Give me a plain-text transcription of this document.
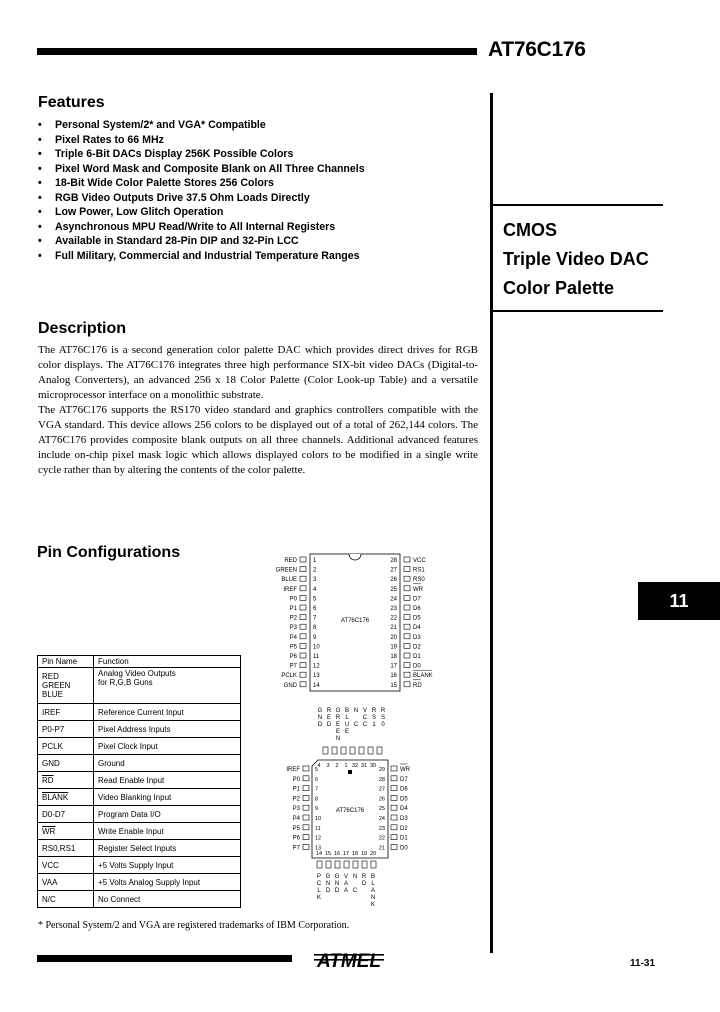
AT76C176
CMOS
Triple Video DAC
Color Palette
11
Features
• Personal System/2* and VGA* Compatible
• Pixel Rates to 66 MHz
• Triple 6-Bit DACs Display 256K Possible Colors
• Pixel Word Mask and Composite Blank on All Three Channels
• 18-Bit Wide Color Palette Stores 256 Colors
• RGB Video Outputs Drive 37.5 Ohm Loads Directly
• Low Power, Low Glitch Operation
• Asynchronous MPU Read/Write to All Internal Registers
• Available in Standard 28-Pin DIP and 32-Pin LCC
• Full Military, Commercial and Industrial Temperature Ranges
Description

The AT76C176 is a second generation color palette DAC which provides direct drives for RGB color displays. The AT76C176 integrates three high performance SIX-bit video DACs (Digital-to-Analog Converters), an advanced 256 x 18 Color Palette (Color Look-up Table) and a versatile microprocessor interface on a monolithic substrate.

The AT76C176 supports the RS170 video standard and graphics controllers compatible with the VGA standard. This device allows 256 colors to be displayed out of a total of 262,144 colors. The AT76C176 provides composite blank outputs on all three channels. Additional advanced features include on-chip pixel mask logic which allows displayed colors to be modified in a single write cycle rather than by altering the contents of the color palette.

Pin Configurations
Pin Name	Function
RED
GREEN
BLUE	Analog Video Outputs
for R,G,B Guns
IREF	Reference Current Input
P0-P7	Pixel Address Inputs
PCLK	Pixel Clock Input
GND	Ground
$\overline{RD}$	Read Enable Input
BLANK	Video Blanking Input
D0-D7	Program Data I/O
$\overline{WR}$	Write Enable Input
RS0,RS1	Register Select Inputs
VCC	+5 Volts Supply Input
VAA	+5 Volts Analog Supply Input
N/C	No Connect
AT76C176
RED	1
GREEN	2
BLUE	3
IREF	4
P0	5
P1	6
P2	7
P3	8
P4	9
P5	10
P6	11
P7	12
PCLK	13
GND	14
28	VCC
27	RS1
26	RS0
25	WR
24	D7
23	D6
22	D5
21	D4
20	D3
19	D2
18	D1
17	D0
16	BLANK
15	RD
G
N
D
R
E
D
G
R
E
E
N
B
L
U
E
N
C
V
C
C
R
S
1
R
S
0
4 3 2 1 32 31 30
AT76C176
IREF	5
P0	6
P1	7
P2	8
P3	9
P4	10
P5	11
P6	12
P7	13
29	WR
28	D7
27	D6
26	D5
25	D4
24	D3
23	D2
22	D1
21	D0
14 15 16 17 18 19 20
P
C
L
K
G
N
D
G
N
D
V
A
A
N
C
R
D
B
L
A
N
K
* Personal System/2 and VGA are registered trademarks of IBM Corporation.
ATMEL	11-31
